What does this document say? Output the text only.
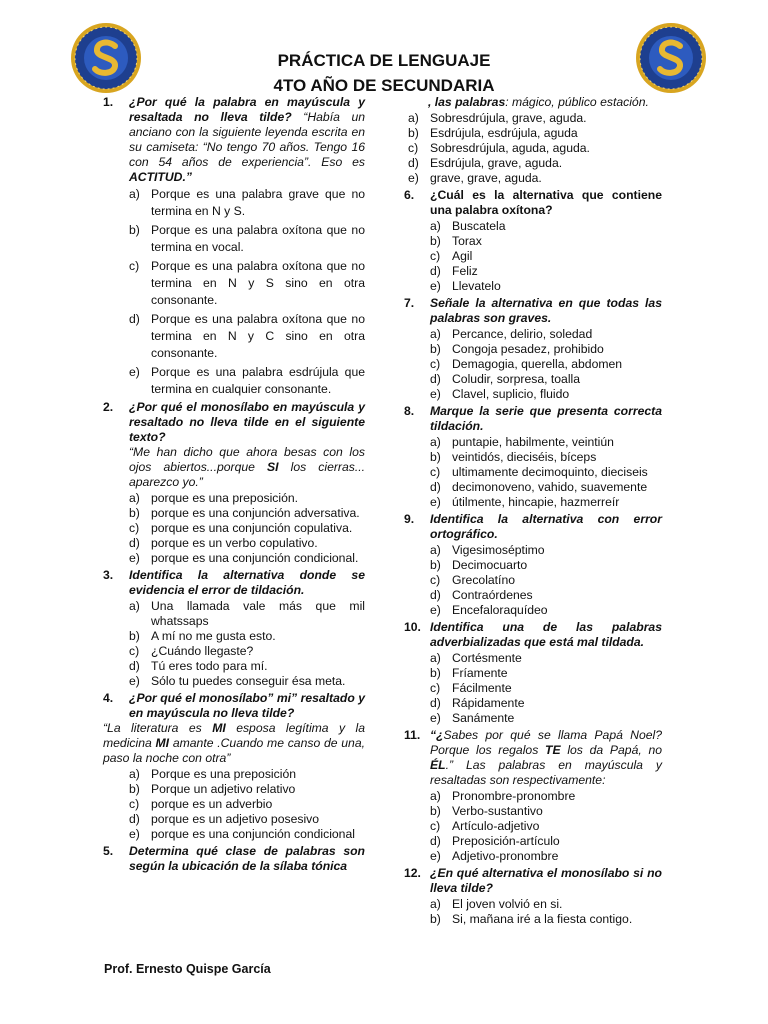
PRÁCTICA DE LENGUAJE
4TO AÑO DE SECUNDARIA
1. ¿Por qué la palabra en mayúscula y resaltada no lleva tilde? “Había un anciano con la siguiente leyenda escrita en su camiseta: “No tengo 70 años. Tengo 16 con 54 años de experiencia”. Eso es ACTITUD.”
a) Porque es una palabra grave que no termina en N y S.
b) Porque es una palabra oxítona que no termina en vocal.
c) Porque es una palabra oxítona que no termina en N y S sino en otra consonante.
d) Porque es una palabra oxítona que no termina en N y C sino en otra consonante.
e) Porque es una palabra esdrújula que termina en cualquier consonante.
2. ¿Por qué el monosílabo en mayúscula y resaltado no lleva tilde en el siguiente texto?
“Me han dicho que ahora besas con los ojos abiertos...porque SI los cierras... aparezco yo.”
a) porque es una preposición.
b) porque es una conjunción adversativa.
c) porque es una conjunción copulativa.
d) porque es un verbo copulativo.
e) porque es una conjunción condicional.
3. Identifica la alternativa donde se evidencia el error de tildación.
a) Una llamada vale más que mil whatssaps
b) A mí no me gusta esto.
c) ¿Cuándo llegaste?
d) Tú eres todo para mí.
e) Sólo tu puedes conseguir ésa meta.
4. ¿Por qué el monosílabo” mi” resaltado y en mayúscula no lleva tilde?
“La literatura es MI esposa legítima y la medicina MI amante .Cuando me canso de una, paso la noche con otra”
a) Porque es una preposición
b) Porque un adjetivo relativo
c) porque es un adverbio
d) porque es un adjetivo posesivo
e) porque es una conjunción condicional
5. Determina qué clase de palabras son según la ubicación de la sílaba tónica
, las palabras: mágico, público estación.
a) Sobresdrújula, grave, aguda.
b) Esdrújula, esdrújula, aguda
c) Sobresdrújula, aguda, aguda.
d) Esdrújula, grave, aguda.
e) grave, grave, aguda.
6. ¿Cuál es la alternativa que contiene una palabra oxítona?
a) Buscatela
b) Torax
c) Agil
d) Feliz
e) Llevatelo
7. Señale la alternativa en que todas las palabras son graves.
a) Percance, delirio, soledad
b) Congoja pesadez, prohibido
c) Demagogia, querella, abdomen
d) Coludir, sorpresa, toalla
e) Clavel, suplicio, fluido
8. Marque la serie que presenta correcta tildación.
a) puntapie, habilmente, veintiún
b) veintidós, dieciséis, bíceps
c) ultimamente decimoquinto, dieciseis
d) decimonoveno, vahido, suavemente
e) útilmente, hincapie, hazmerreír
9. Identifica la alternativa con error ortográfico.
a) Vigesimoséptimo
b) Decimocuarto
c) Grecolatíno
d) Contraórdenes
e) Encefaloraquídeo
10. Identifica una de las palabras adverbializadas que está mal tildada.
a) Cortésmente
b) Fríamente
c) Fácilmente
d) Rápidamente
e) Sanámente
11. “¿Sabes por qué se llama Papá Noel? Porque los regalos TE los da Papá, no ÉL.” Las palabras en mayúscula y resaltadas son respectivamente:
a) Pronombre-pronombre
b) Verbo-sustantivo
c) Artículo-adjetivo
d) Preposición-artículo
e) Adjetivo-pronombre
12. ¿En qué alternativa el monosílabo si no lleva tilde?
a) El joven volvió en si.
b) Si, mañana iré a la fiesta contigo.
Prof. Ernesto Quispe García
